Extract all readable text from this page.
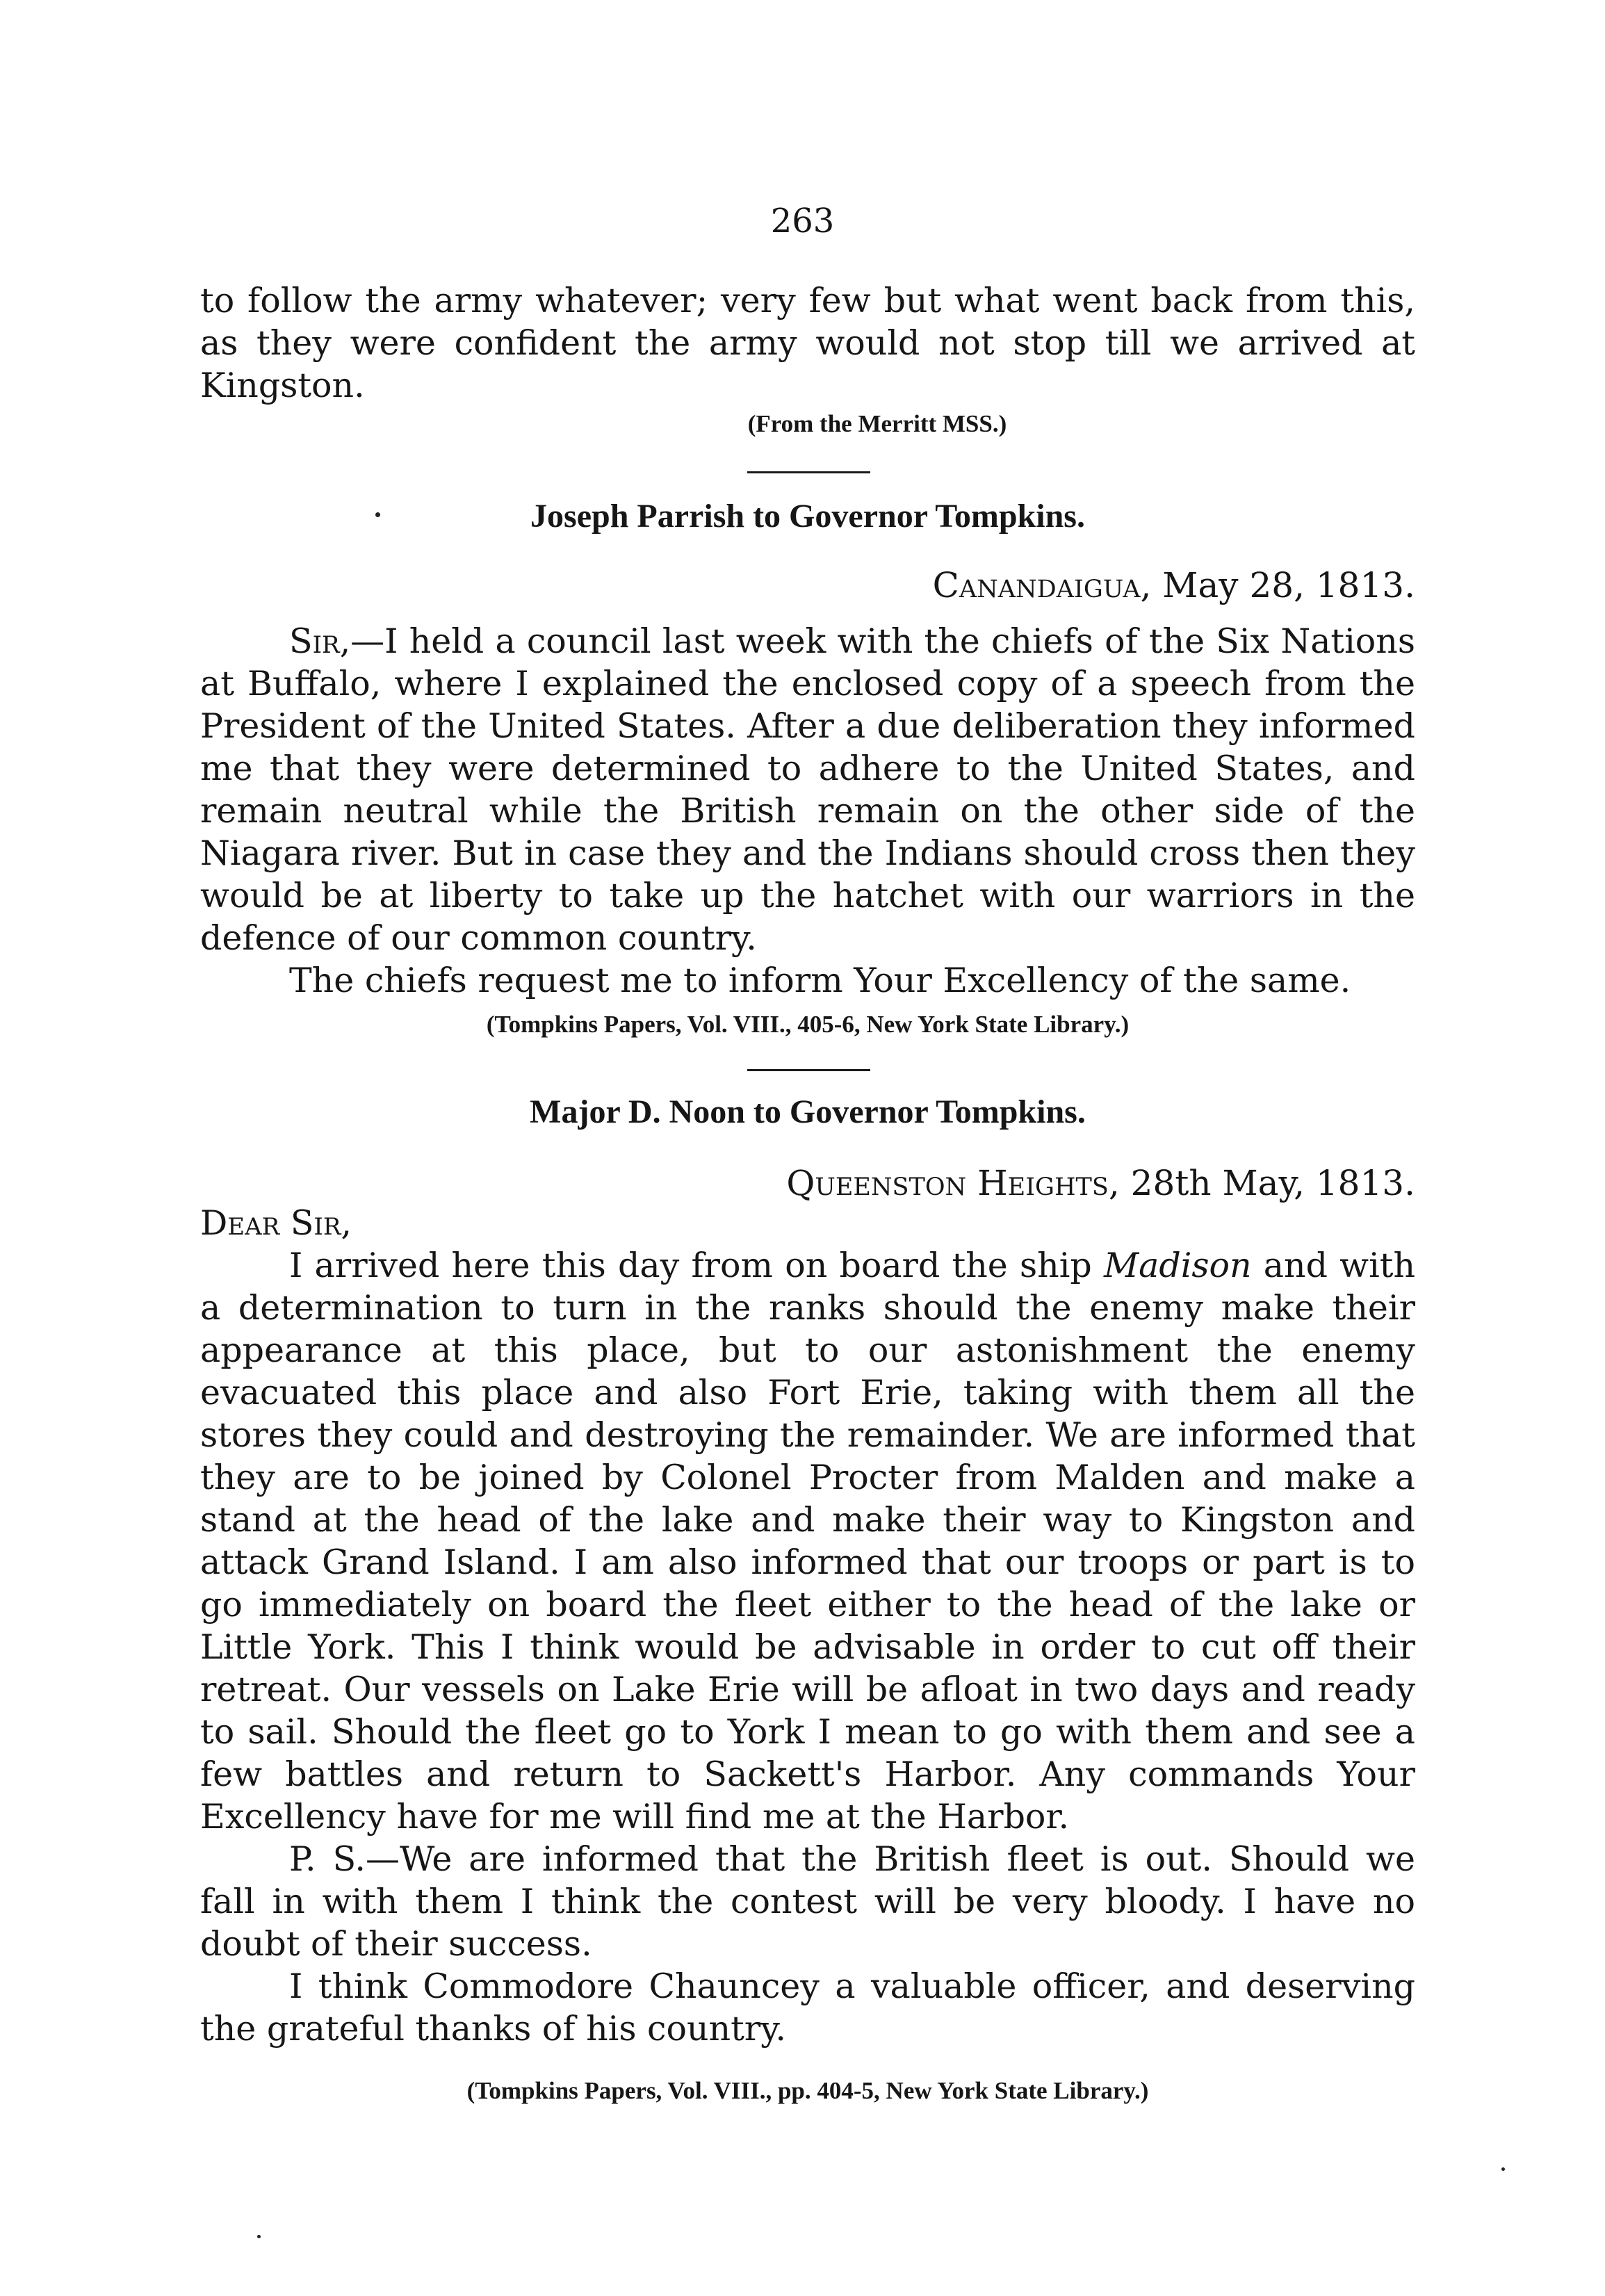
263

to follow the army whatever; very few but what went back from this, as they were confident the army would not stop till we arrived at Kingston.

(From the Merritt MSS.)
Joseph Parrish to Governor Tompkins.
Canandaigua, May 28, 1813.

Sir,—I held a council last week with the chiefs of the Six Nations at Buffalo, where I explained the enclosed copy of a speech from the President of the United States. After a due deliberation they informed me that they were determined to adhere to the United States, and remain neutral while the British remain on the other side of the Niagara river. But in case they and the Indians should cross then they would be at liberty to take up the hatchet with our warriors in the defence of our common country.

The chiefs request me to inform Your Excellency of the same.

(Tompkins Papers, Vol. VIII., 405-6, New York State Library.)
Major D. Noon to Governor Tompkins.
Queenston Heights, 28th May, 1813.
Dear Sir,

I arrived here this day from on board the ship Madison and with a determination to turn in the ranks should the enemy make their appearance at this place, but to our astonishment the enemy evacuated this place and also Fort Erie, taking with them all the stores they could and destroying the remainder. We are informed that they are to be joined by Colonel Procter from Malden and make a stand at the head of the lake and make their way to Kingston and attack Grand Island. I am also informed that our troops or part is to go immediately on board the fleet either to the head of the lake or Little York. This I think would be advisable in order to cut off their retreat. Our vessels on Lake Erie will be afloat in two days and ready to sail. Should the fleet go to York I mean to go with them and see a few battles and return to Sackett's Harbor. Any commands Your Excellency have for me will find me at the Harbor.

P. S.—We are informed that the British fleet is out. Should we fall in with them I think the contest will be very bloody. I have no doubt of their success.

I think Commodore Chauncey a valuable officer, and deserving the grateful thanks of his country.

(Tompkins Papers, Vol. VIII., pp. 404-5, New York State Library.)
